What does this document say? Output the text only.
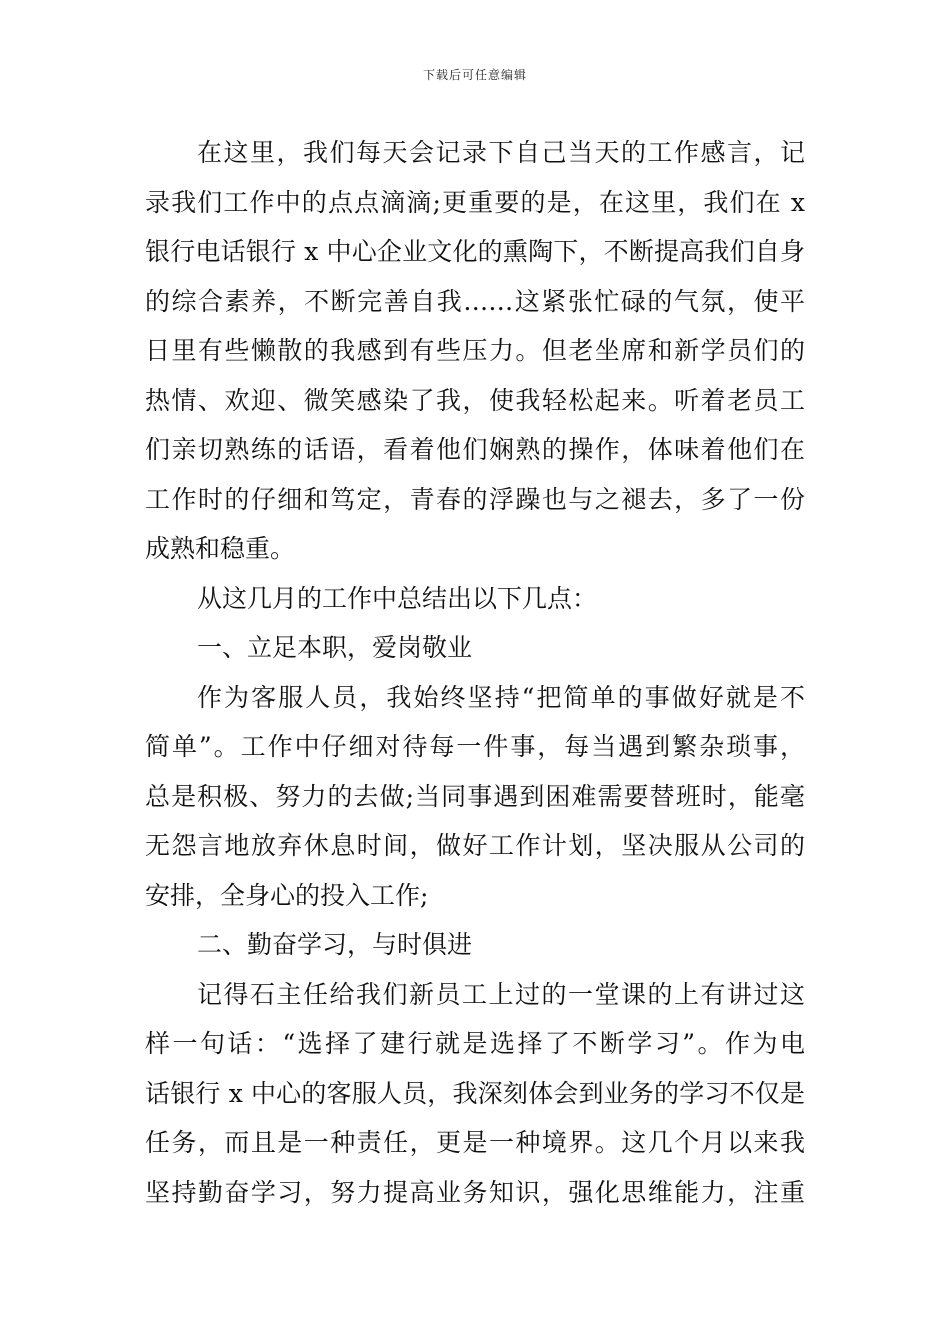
下载后可任意编辑
在这里，我们每天会记录下自己当天的工作感言，记
录我们工作中的点点滴滴;更重要的是，在这里，我们在 x
银行电话银行 x 中心企业文化的熏陶下，不断提高我们自身
的综合素养，不断完善自我……这紧张忙碌的气氛，使平
日里有些懒散的我感到有些压力。但老坐席和新学员们的
热情、欢迎、微笑感染了我，使我轻松起来。听着老员工
们亲切熟练的话语，看着他们娴熟的操作，体味着他们在
工作时的仔细和笃定，青春的浮躁也与之褪去，多了一份
成熟和稳重。
从这几月的工作中总结出以下几点：
一、立足本职，爱岗敬业
作为客服人员，我始终坚持“把简单的事做好就是不
简单”。工作中仔细对待每一件事，每当遇到繁杂琐事，
总是积极、努力的去做;当同事遇到困难需要替班时，能毫
无怨言地放弃休息时间，做好工作计划，坚决服从公司的
安排，全身心的投入工作;
二、勤奋学习，与时俱进
记得石主任给我们新员工上过的一堂课的上有讲过这
样一句话：“选择了建行就是选择了不断学习”。作为电
话银行 x 中心的客服人员，我深刻体会到业务的学习不仅是
任务，而且是一种责任，更是一种境界。这几个月以来我
坚持勤奋学习，努力提高业务知识，强化思维能力，注重
